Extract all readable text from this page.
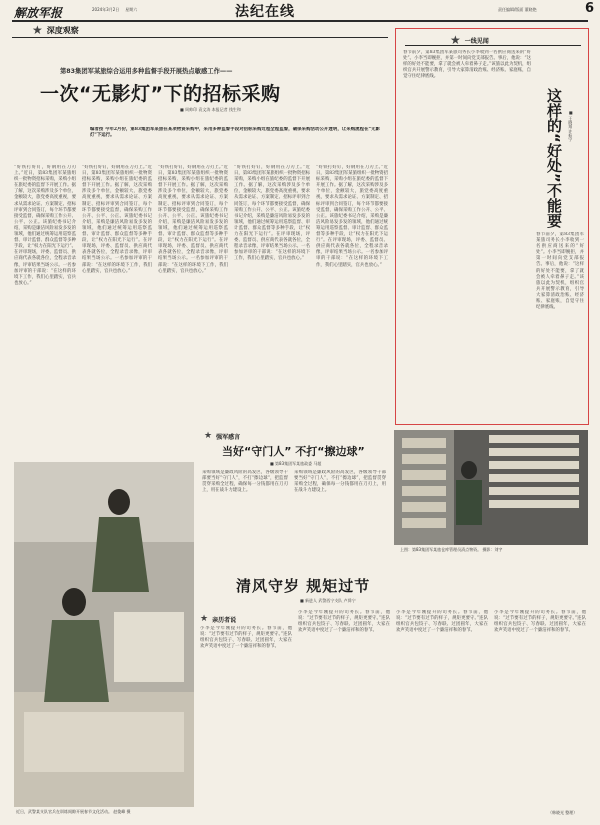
解放军报	2024年3月2日 星期六	法纪在线	责任编辑/版面 董晓艳	6
★ 深度观察
第83集团军某旅综合运用多种监督手段开展热点敏感工作——
一次“无影灯”下的招标采购
■ 周帅印 袁文涛 本报记者 钱生和
编者按 今年2月份，第83集团军某旅在某项物资采购中，采用多种监督手段对招标采购过程全程监督，确保采购活动公开透明，让采购流程在“无影灯”下运行。
“好铁打好钉，好钢用在刀刃上。”近日，第83集团军某旅组织一批物资招标采购，采购小组在旅纪委的监督下开展工作。据了解，这次采购涉及多个单位，金额较大，旅党委高度重视，要求从需求论证、方案制定、招标评审到合同签订，每个环节都要接受监督，确保采购工作公开、公平、公正。该旅纪委书记介绍，采购是廉洁风险易发多发的领域，他们通过统筹运用巡察监督、审计监督、群众监督等多种手段，让“权力在阳光下运行”。在评审现场，评委、监督员、供应商代表各就各位，全程录音录像，评审结果当场公示。一名参加评审的干部说：“在这样的环境下工作，我们心里踏实，官兵也放心。”
“好铁打好钉，好钢用在刀刃上。”近日，第83集团军某旅组织一批物资招标采购，采购小组在旅纪委的监督下开展工作。据了解，这次采购涉及多个单位，金额较大，旅党委高度重视，要求从需求论证、方案制定、招标评审到合同签订，每个环节都要接受监督，确保采购工作公开、公平、公正。该旅纪委书记介绍，采购是廉洁风险易发多发的领域，他们通过统筹运用巡察监督、审计监督、群众监督等多种手段，让“权力在阳光下运行”。在评审现场，评委、监督员、供应商代表各就各位，全程录音录像，评审结果当场公示。一名参加评审的干部说：“在这样的环境下工作，我们心里踏实，官兵也放心。”
“好铁打好钉，好钢用在刀刃上。”近日，第83集团军某旅组织一批物资招标采购，采购小组在旅纪委的监督下开展工作。据了解，这次采购涉及多个单位，金额较大，旅党委高度重视，要求从需求论证、方案制定、招标评审到合同签订，每个环节都要接受监督，确保采购工作公开、公平、公正。该旅纪委书记介绍，采购是廉洁风险易发多发的领域，他们通过统筹运用巡察监督、审计监督、群众监督等多种手段，让“权力在阳光下运行”。在评审现场，评委、监督员、供应商代表各就各位，全程录音录像，评审结果当场公示。一名参加评审的干部说：“在这样的环境下工作，我们心里踏实，官兵也放心。”
“好铁打好钉，好钢用在刀刃上。”近日，第83集团军某旅组织一批物资招标采购，采购小组在旅纪委的监督下开展工作。据了解，这次采购涉及多个单位，金额较大，旅党委高度重视，要求从需求论证、方案制定、招标评审到合同签订，每个环节都要接受监督，确保采购工作公开、公平、公正。该旅纪委书记介绍，采购是廉洁风险易发多发的领域，他们通过统筹运用巡察监督、审计监督、群众监督等多种手段，让“权力在阳光下运行”。在评审现场，评委、监督员、供应商代表各就各位，全程录音录像，评审结果当场公示。一名参加评审的干部说：“在这样的环境下工作，我们心里踏实，官兵也放心。”
“好铁打好钉，好钢用在刀刃上。”近日，第83集团军某旅组织一批物资招标采购，采购小组在旅纪委的监督下开展工作。据了解，这次采购涉及多个单位，金额较大，旅党委高度重视，要求从需求论证、方案制定、招标评审到合同签订，每个环节都要接受监督，确保采购工作公开、公平、公正。该旅纪委书记介绍，采购是廉洁风险易发多发的领域，他们通过统筹运用巡察监督、审计监督、群众监督等多种手段，让“权力在阳光下运行”。在评审现场，评委、监督员、供应商代表各就各位，全程录音录像，评审结果当场公示。一名参加评审的干部说：“在这样的环境下工作，我们心里踏实，官兵也放心。”
★ 一线见闻
这样的“好处”不能要 ■ 王晓翔 许振宁
春节前夕，第83集团军某旅司务长小李收到一名供应商送来的“好处”。小李当即婉拒，并第一时间向党支部报告。事后，他说：“这样的好处不能要，拿了就会被人牵着鼻子走。”该旅以此为契机，组织官兵开展警示教育，引导大家算清政治账、经济账、家庭账，自觉守住纪律底线。
春节前夕，第83集团军某旅司务长小李收到一名供应商送来的“好处”。小李当即婉拒，并第一时间向党支部报告。事后，他说：“这样的好处不能要，拿了就会被人牵着鼻子走。”该旅以此为契机，组织官兵开展警示教育，引导大家算清政治账、经济账、家庭账，自觉守住纪律底线。
★ 强军感言
当好“守门人” 不打“擦边球”
■ 第83集团军某旅政委 马超
采购领域是廉政风险的高发区，各级领导干部要当好“守门人”，不打“擦边球”，把监督贯穿采购全过程，确保每一分钱都用在刀刃上，用在战斗力建设上。
采购领域是廉政风险的高发区，各级领导干部要当好“守门人”，不打“擦边球”，把监督贯穿采购全过程，确保每一分钱都用在刀刃上，用在战斗力建设上。
上图：第83集团军某旅仓库管理员清点物资。 摄影：刘宇
清风守岁 规矩过节
■ 新进人 武警西宁支队 卢舜宁
★ 亲历者说
小李是今年刚提升的司务长。春节前，他说：“过节要有过节的样子，规矩更要守。”连队组织官兵包饺子、写春联、过团圆年，大家在欢声笑语中度过了一个廉洁祥和的春节。
小李是今年刚提升的司务长。春节前，他说：“过节要有过节的样子，规矩更要守。”连队组织官兵包饺子、写春联、过团圆年，大家在欢声笑语中度过了一个廉洁祥和的春节。
小李是今年刚提升的司务长。春节前，他说：“过节要有过节的样子，规矩更要守。”连队组织官兵包饺子、写春联、过团圆年，大家在欢声笑语中度过了一个廉洁祥和的春节。
小李是今年刚提升的司务长。春节前，他说：“过节要有过节的样子，规矩更要守。”连队组织官兵包饺子、写春联、过团圆年，大家在欢声笑语中度过了一个廉洁祥和的春节。
（韩晓光 整理）
近日，武警某支队官兵在训练间隙开展春节文化活动。 赵俊峰 摄
